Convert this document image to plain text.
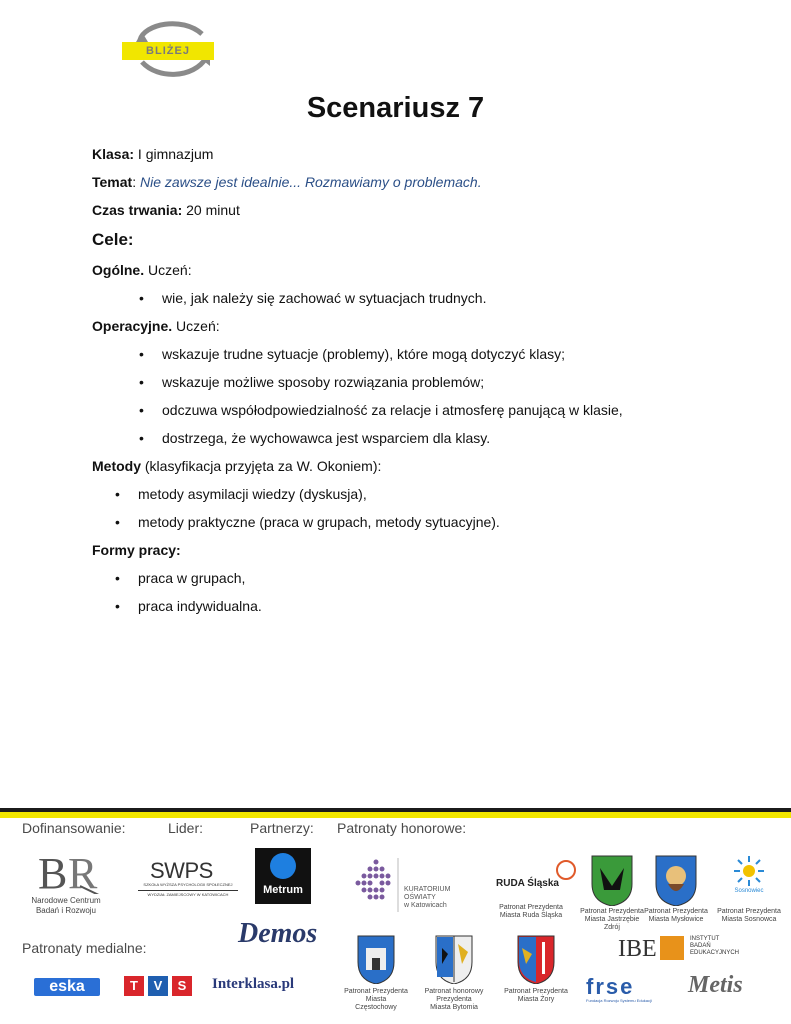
BLIŻEJ
Scenariusz 7
Klasa: I gimnazjum
Temat: Nie zawsze jest idealnie... Rozmawiamy o problemach.
Czas trwania: 20 minut
Cele:
Ogólne. Uczeń:
• wie, jak należy się zachować w sytuacjach trudnych.
Operacyjne. Uczeń:
• wskazuje trudne sytuacje (problemy), które mogą dotyczyć klasy;
• wskazuje możliwe sposoby rozwiązania problemów;
• odczuwa współodpowiedzialność za relacje i atmosferę panującą w klasie,
• dostrzega, że wychowawca jest wsparciem dla klasy.
Metody (klasyfikacja przyjęta za W. Okoniem):
• metody asymilacji wiedzy (dyskusja),
• metody praktyczne (praca w grupach, metody sytuacyjne).
Formy pracy:
• praca w grupach,
• praca indywidualna.
Dofinansowanie:	Lider:	Partnerzy: Patronaty honorowe:
B R
Narodowe Centrum
Badań i Rozwoju
SWPS
SZKOŁA WYŻSZA PSYCHOLOGII SPOŁECZNEJ
WYDZIAŁ ZAMIEJSCOWY W KATOWICACH	Metrum	KURATORIUM
OŚWIATY
w Katowicach
RUDA Śląska
Patronat Prezydenta
Miasta Ruda Śląska
Patronat Prezydenta
Miasta Jastrzębie Zdrój
Patronat Prezydenta
Miasta Mysłowice
Sosnowiec
Patronat Prezydenta
Miasta Sosnowca
Patronaty medialne:	Demos
Patronat Prezydenta
Miasta Częstochowy
Patronat honorowy Prezydenta
Miasta Bytomia
Patronat Prezydenta
Miasta Żory
IBE	INSTYTUT
BADAŃ
EDUKACYJNYCH
eska	T	V	S	Interklasa.pl	frse
Fundacja Rozwoju Systemu Edukacji
Metis
